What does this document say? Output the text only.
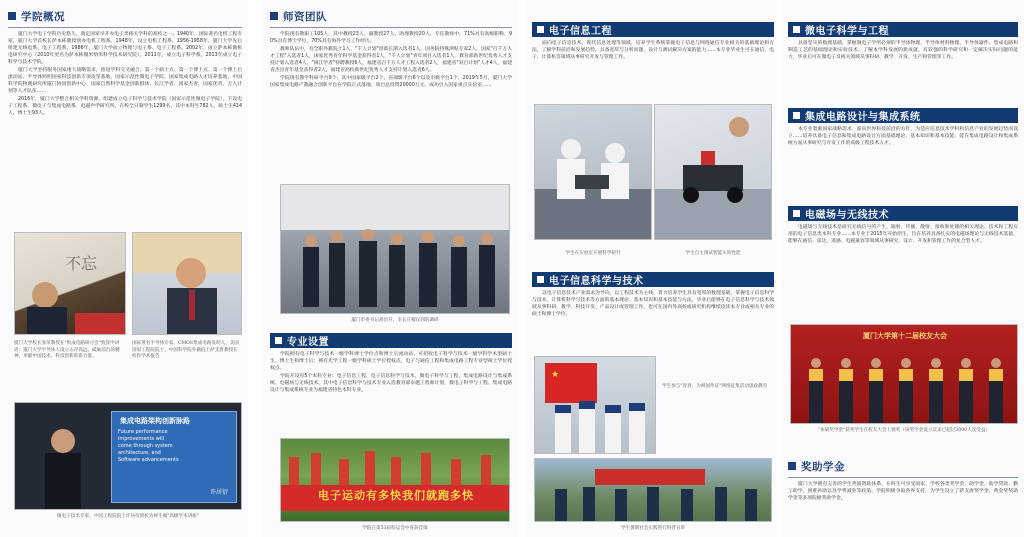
学院概况

厦门大学电子学科历史悠久，奠定国家早开办电子类相关学科的高校之一。1940年，国际著名电机工程专家，厦门大学首校长萨本栋教授创办电机工程系。1948年，设立电机工程系。1956-1958年，厦门大学先后组建无线电系、电子工程系。1986年，厦门大学成立物理与电子系、电子工程系。2002年，成立萨本栋微机电研究中心（2010年更名为萨本栋微米纳米科学技术研究院）。2011年，成立电子科学系，2013年成立电子科学与技术学院。

厦门大学坚持服务国家重大战略需求，推进学科交叉融合。第一个硕士点、第一个博士点、第一个博士后流动站、半导体照明国家科技创新专项攻坚基地、国家示范性微电子学院、国家集成电路人才培养基地、中国科学院物理研究所厦门协同创新中心、国家自然科学基金创新群体、长江学者、国家杰青、国家优青、万人计划等人才队伍……

2016年，厦门大学整合相关学科资源，组建成立电子科学与技术学院（国家示范性微电子学院），下设电子工程系、微电子与集成电路系、电磁声学研究所。在校全日制学生1299名，其中本科生782人，硕士生414人，博士生93人。

不忘
厦门大学校长张荣教授在"集成电路研讨会"致辞中讲话：厦门大学半导体人设立志存高远，砥砺前行的精神，奉献中国技术、科技创新的新力量。
国际著名半导体专家、CMOS集成电路发明人、美国国家工程院院士、中国科学院外籍院士萨支唐教授在校作学术报告
集成电路架构创新脉路
Future performance
improvements will
come through system
architecture, and
Software advancements
许居衍
微电子技术专家、中国工程院院士许居衍到校为师生做"高级学术讲座"
师资团队

学院现有教职工105人，其中教授23人、副教授27人、助理教授20人，专任教师中，71%具有高级职称，90%具有博士学位，70%具有海外学习工作经历。

教师队伍中，有全职外籍院士1人，"千人计划"创新长期入选者1人，国务院特殊津贴专家2人，国家"百千万人才工程"入选者1人，国家优秀青年科学基金获得者1人，"千人计划"青年项目入选者1人，教育部新世纪优秀人才支持计划入选者4人，"闽江学者"特聘教授6人，福建省百千万人才工程入选者2人，福建省"双百计划"人才4人，福建省杰出青年基金获得者2人，福建省高校新世纪优秀人才支持计划入选者6人。

学院现有教学科研平台9个，其中国家级平台2个，省部级平台6个以及市级平台1个，2019年5月，厦门大学国家集成电路产教融合创新平台在学院正式落地，项目总投资20000万元，成功引入国家重点实验室……

厦门市委书记胡昌升、市长庄稼汉到院调研
专业设置

学院拥有电子科学与技术一级学科博士学位点和博士后流动站，可招收电子科学与技术一级学科学术型硕士生、博士生和博士后；拥有光学工程一级学科硕士学位授权点，电子与通信工程和集成电路工程专业型硕士学位授权点。

学院开设有5个本科专业：电子信息工程、电子信息科学与技术、微电子科学与工程、集成电路设计与集成系统、电磁场与无线技术，其中电子信息科学与技术专业入选教育部卓越工程师计划，微电子科学与工程、集成电路设计与集成系统专业为福建省特色本科专业。

电子运动有多快我们就跑多快
学院在第53届校运会中喜获佳绩
电子信息工程

面向电子信息技术、现代信息处理等领域，培养学生系统掌握电子信息与网络通信专业相关的基础理论和方法，了解学科前沿和发展趋势，具备宽厚与分析问题、设计与测试解决方案的能力……本专业毕业生可在通信、电子、计算机等领域从事研究开发与管理工作。

学生在实验室开展科学研究	学生自主调试智能车的性能
电子信息科学与技术

以电子信息技术产业需求为导向，以工程技术为主线，着力培养学生具有宽厚的数理基础，掌握电子信息科学与技术、计算机科学与技术等方面的基本理论、基本知识和基本技能与方法，毕业后能够在电子信息科学与技术领域从事科研、教学、科技开发、产品设计或管理工作，也可在国内外高校或研究机构继续攻读本专业或相关专业的硕士和博士学位。

★
学生参与"青春，为祖国作证"网络征集活动思政教育
学生暑期社会实践进行科普宣讲
微电子科学与工程

具备坚实的数理基础，掌握微电子学所必须的半导体物理、半导体材料物理、半导体器件、集成电路和制造工艺的基础理论和实验技术，了解本学科发展的新成就，有较强的科学研究和一定解决实际问题的能力，毕业后可在微电子及相关领域从事科研、教学、开发、生产和管理等工作。

集成电路设计与集成系统

本专业着眼国家战略需求，面向世界科技前沿的方针，为适应信息技术学科和信息产业的发展趋势而设立……培养具备电子信息和集成电路设计方面基础理论、基本知识和基本技能，能在集成电路设计和集成系统方面从事研究与开发工作的高级工程技术人才。

电磁场与无线技术

电磁场与无线技术是研究无线信号的产生、辐射、传播、散射、接收和处理的相关理论、技术和工程应用的电子信息类本科专业……本专业于2015年开始招生，旨在培养具备扎实的电磁场理论与无线技术基础，能够在通信、雷达、遥感、电磁兼容等领域从事研究、设计、开发和管理工作的复合型人才。

厦门大学第十二届校友大会
"本硕奖学金"获奖学生在校友大会上颁奖（该奖学金设立以来已超过2000人次受益）
奖助学金

厦门大学拥有完善的学生奖励资助体系，在校生可享受国家、学校各类奖学金、助学金、助学贷款、勤工助学、困难补助以及学费减免等政策。学院积极争取各界支持，为学生设立了萨支唐奖学金、黄金奖奖助学金等多项院级奖助学金。
